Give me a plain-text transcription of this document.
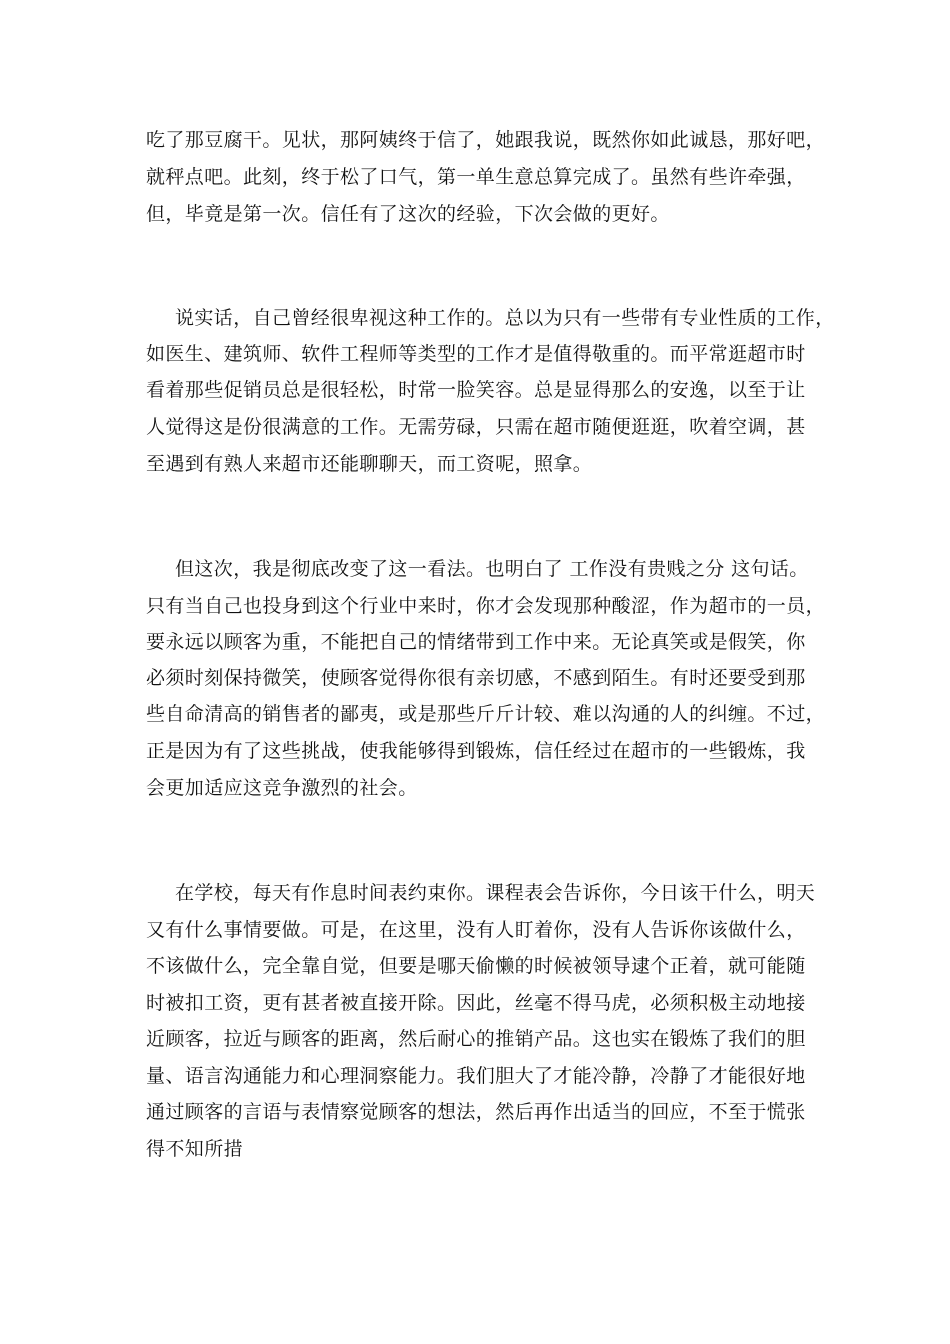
吃了那豆腐干。见状，那阿姨终于信了，她跟我说，既然你如此诚恳，那好吧，
就秤点吧。此刻，终于松了口气，第一单生意总算完成了。虽然有些许牵强，
但，毕竟是第一次。信任有了这次的经验，下次会做的更好。
说实话，自己曾经很卑视这种工作的。总以为只有一些带有专业性质的工作，
如医生、建筑师、软件工程师等类型的工作才是值得敬重的。而平常逛超市时
看着那些促销员总是很轻松，时常一脸笑容。总是显得那么的安逸，以至于让
人觉得这是份很满意的工作。无需劳碌，只需在超市随便逛逛，吹着空调，甚
至遇到有熟人来超市还能聊聊天，而工资呢，照拿。
但这次，我是彻底改变了这一看法。也明白了 工作没有贵贱之分 这句话。
只有当自己也投身到这个行业中来时，你才会发现那种酸涩，作为超市的一员，
要永远以顾客为重，不能把自己的情绪带到工作中来。无论真笑或是假笑，你
必须时刻保持微笑，使顾客觉得你很有亲切感，不感到陌生。有时还要受到那
些自命清高的销售者的鄙夷，或是那些斤斤计较、难以沟通的人的纠缠。不过，
正是因为有了这些挑战，使我能够得到锻炼，信任经过在超市的一些锻炼，我
会更加适应这竞争激烈的社会。
在学校，每天有作息时间表约束你。课程表会告诉你，今日该干什么，明天
又有什么事情要做。可是，在这里，没有人盯着你，没有人告诉你该做什么，
不该做什么，完全靠自觉，但要是哪天偷懒的时候被领导逮个正着，就可能随
时被扣工资，更有甚者被直接开除。因此，丝毫不得马虎，必须积极主动地接
近顾客，拉近与顾客的距离，然后耐心的推销产品。这也实在锻炼了我们的胆
量、语言沟通能力和心理洞察能力。我们胆大了才能冷静，冷静了才能很好地
通过顾客的言语与表情察觉顾客的想法，然后再作出适当的回应，不至于慌张
得不知所措
